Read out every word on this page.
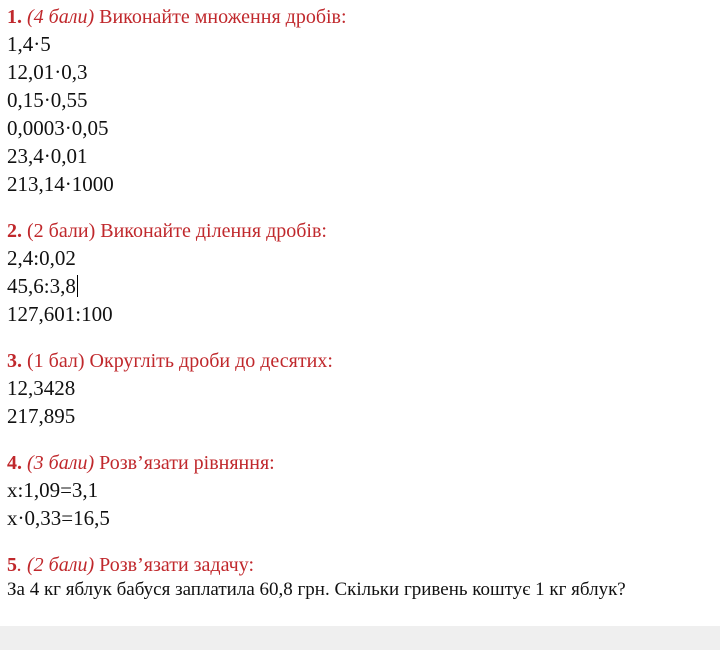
1. (4 бали) Виконайте множення дробів:
1,4·5
12,01·0,3
0,15·0,55
0,0003·0,05
23,4·0,01
213,14·1000
2. (2 бали) Виконайте ділення дробів:
2,4:0,02
45,6:3,8
127,601:100
3. (1 бал) Округліть дроби до десятих:
12,3428
217,895
4. (3 бали) Розв’язати рівняння:
x:1,09=3,1
x·0,33=16,5
5. (2 бали) Розв’язати задачу:
За 4 кг яблук бабуся заплатила 60,8 грн. Скільки гривень коштує 1 кг яблук?
